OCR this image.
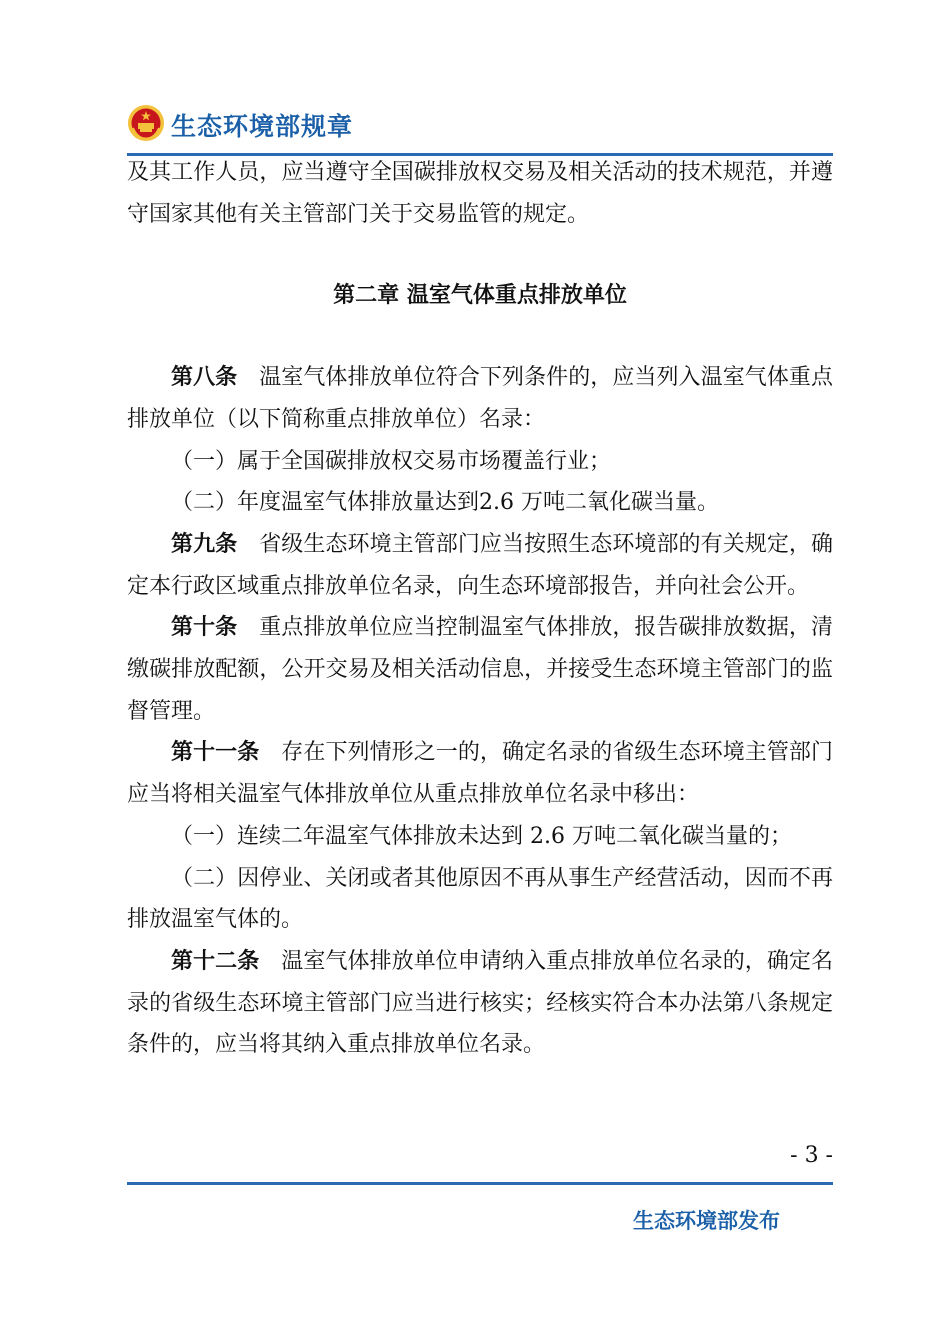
生态环境部规章

及其工作人员，应当遵守全国碳排放权交易及相关活动的技术规范，并遵守国家其他有关主管部门关于交易监管的规定。

第二章 温室气体重点排放单位

第八条 温室气体排放单位符合下列条件的，应当列入温室气体重点排放单位（以下简称重点排放单位）名录：

（一）属于全国碳排放权交易市场覆盖行业；

（二）年度温室气体排放量达到2.6 万吨二氧化碳当量。

第九条 省级生态环境主管部门应当按照生态环境部的有关规定，确定本行政区域重点排放单位名录，向生态环境部报告，并向社会公开。

第十条 重点排放单位应当控制温室气体排放，报告碳排放数据，清缴碳排放配额，公开交易及相关活动信息，并接受生态环境主管部门的监督管理。

第十一条 存在下列情形之一的，确定名录的省级生态环境主管部门应当将相关温室气体排放单位从重点排放单位名录中移出：

（一）连续二年温室气体排放未达到 2.6 万吨二氧化碳当量的；

（二）因停业、关闭或者其他原因不再从事生产经营活动，因而不再排放温室气体的。

第十二条 温室气体排放单位申请纳入重点排放单位名录的，确定名录的省级生态环境主管部门应当进行核实；经核实符合本办法第八条规定条件的，应当将其纳入重点排放单位名录。

- 3 -
生态环境部发布
